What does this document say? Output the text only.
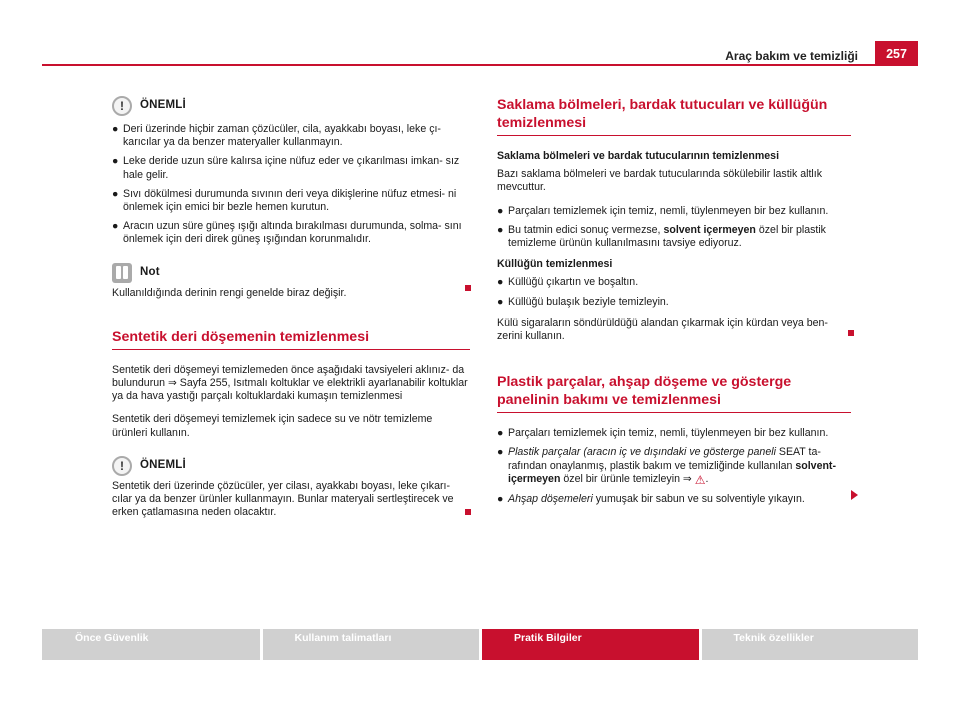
Araç bakım ve temizliği	257
!	ÖNEMLİ
● Deri üzerinde hiçbir zaman çözücüler, cila, ayakkabı boyası, leke çı- karıcılar ya da benzer materyaller kullanmayın.
● Leke deride uzun süre kalırsa içine nüfuz eder ve çıkarılması imkan- sız hale gelir.
● Sıvı dökülmesi durumunda sıvının deri veya dikişlerine nüfuz etmesi- ni önlemek için emici bir bezle hemen kurutun.
● Aracın uzun süre güneş ışığı altında bırakılması durumunda, solma- sını önlemek için deri direk güneş ışığından korunmalıdır.
Not

Kullanıldığında derinin rengi genelde biraz değişir.

Sentetik deri döşemenin temizlenmesi

Sentetik deri döşemeyi temizlemeden önce aşağıdaki tavsiyeleri aklınız- da bulundurun ⇒ Sayfa 255, Isıtmalı koltuklar ve elektrikli ayarlanabilir koltuklar ya da hava yastığı parçalı koltuklardaki kumaşın temizlenmesi

Sentetik deri döşemeyi temizlemek için sadece su ve nötr temizleme ürünleri kullanın.

!	ÖNEMLİ

Sentetik deri üzerinde çözücüler, yer cilası, ayakkabı boyası, leke çıkarı- cılar ya da benzer ürünler kullanmayın. Bunlar materyali sertleştirecek ve erken çatlamasına neden olacaktır.

Saklama bölmeleri, bardak tutucuları ve küllüğün temizlenmesi
Saklama bölmeleri ve bardak tutucularının temizlenmesi

Bazı saklama bölmeleri ve bardak tutucularında sökülebilir lastik altlık mevcuttur.

● Parçaları temizlemek için temiz, nemli, tüylenmeyen bir bez kullanın.
● Bu tatmin edici sonuç vermezse, solvent içermeyen özel bir plastik temizleme ürünün kullanılmasını tavsiye ediyoruz.
Küllüğün temizlenmesi
● Küllüğü çıkartın ve boşaltın.
● Küllüğü bulaşık beziyle temizleyin.

Külü sigaraların söndürüldüğü alandan çıkarmak için kürdan veya ben- zerini kullanın.

Plastik parçalar, ahşap döşeme ve gösterge panelinin bakımı ve temizlenmesi
● Parçaları temizlemek için temiz, nemli, tüylenmeyen bir bez kullanın.
● Plastik parçalar (aracın iç ve dışındaki ve gösterge paneli SEAT ta- rafından onaylanmış, plastik bakım ve temizliğinde kullanılan solvent- içermeyen özel bir ürünle temizleyin ⇒ ⚠.
● Ahşap döşemeleri yumuşak bir sabun ve su solventiyle yıkayın.
Önce Güvenlik	Kullanım talimatları	Pratik Bilgiler	Teknik özellikler
